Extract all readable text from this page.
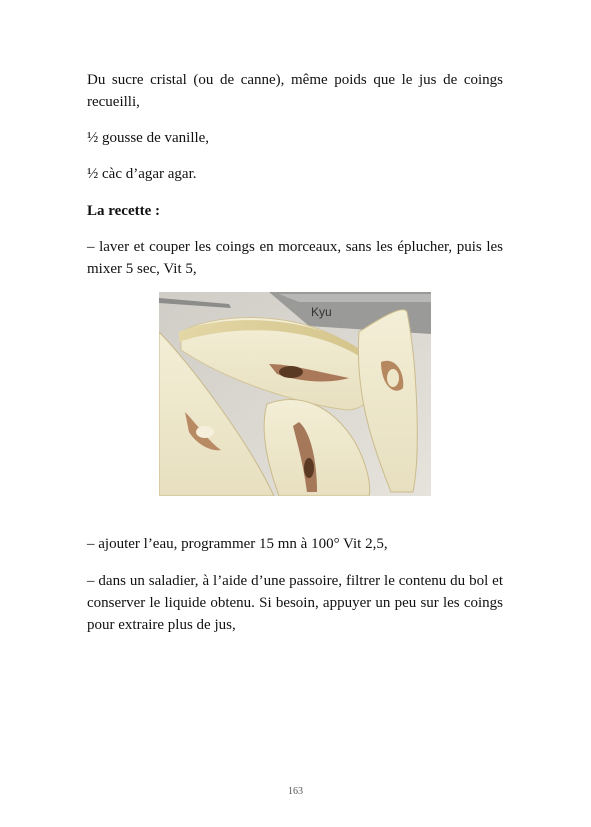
Du sucre cristal (ou de canne), même poids que le jus de coings recueilli,

½ gousse de vanille,

½ càc d’agar agar.

La recette :

– laver et couper les coings en morceaux, sans les éplucher, puis les mixer 5 sec, Vit 5,

Kyu

– ajouter l’eau, programmer 15 mn à 100° Vit 2,5,

– dans un saladier, à l’aide d’une passoire, filtrer le contenu du bol et conserver le liquide obtenu. Si besoin, appuyer un peu sur les coings pour extraire plus de jus,

163
